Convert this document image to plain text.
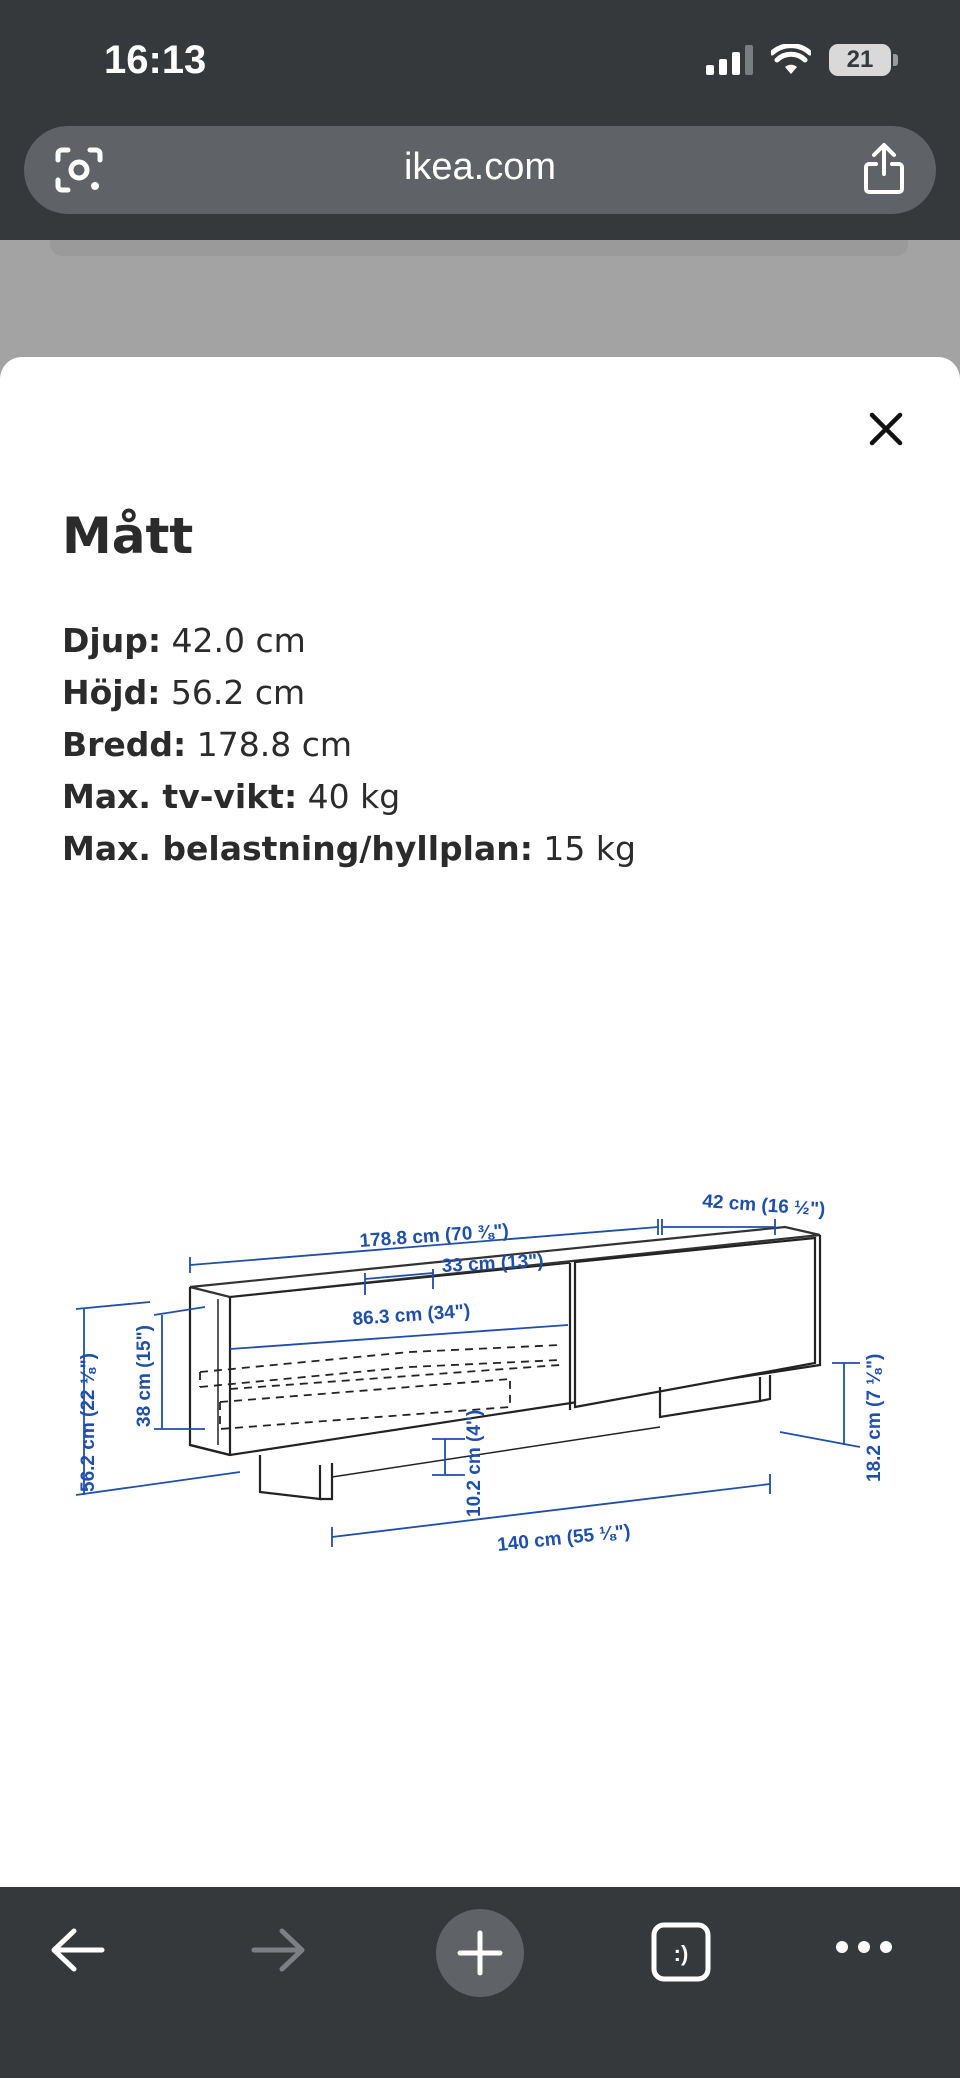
16:13	21
ikea.com
Mått
Djup: 42.0 cm
Höjd: 56.2 cm
Bredd: 178.8 cm
Max. tv-vikt: 40 kg
Max. belastning/hyllplan: 15 kg
178.8 cm (70 ⅜")
42 cm (16 ½")
33 cm (13")
86.3 cm (34")
38 cm (15")
56.2 cm (22 ⅛")	18.2 cm (7 ⅛")
10.2 cm (4")
140 cm (55 ⅛")
:)
